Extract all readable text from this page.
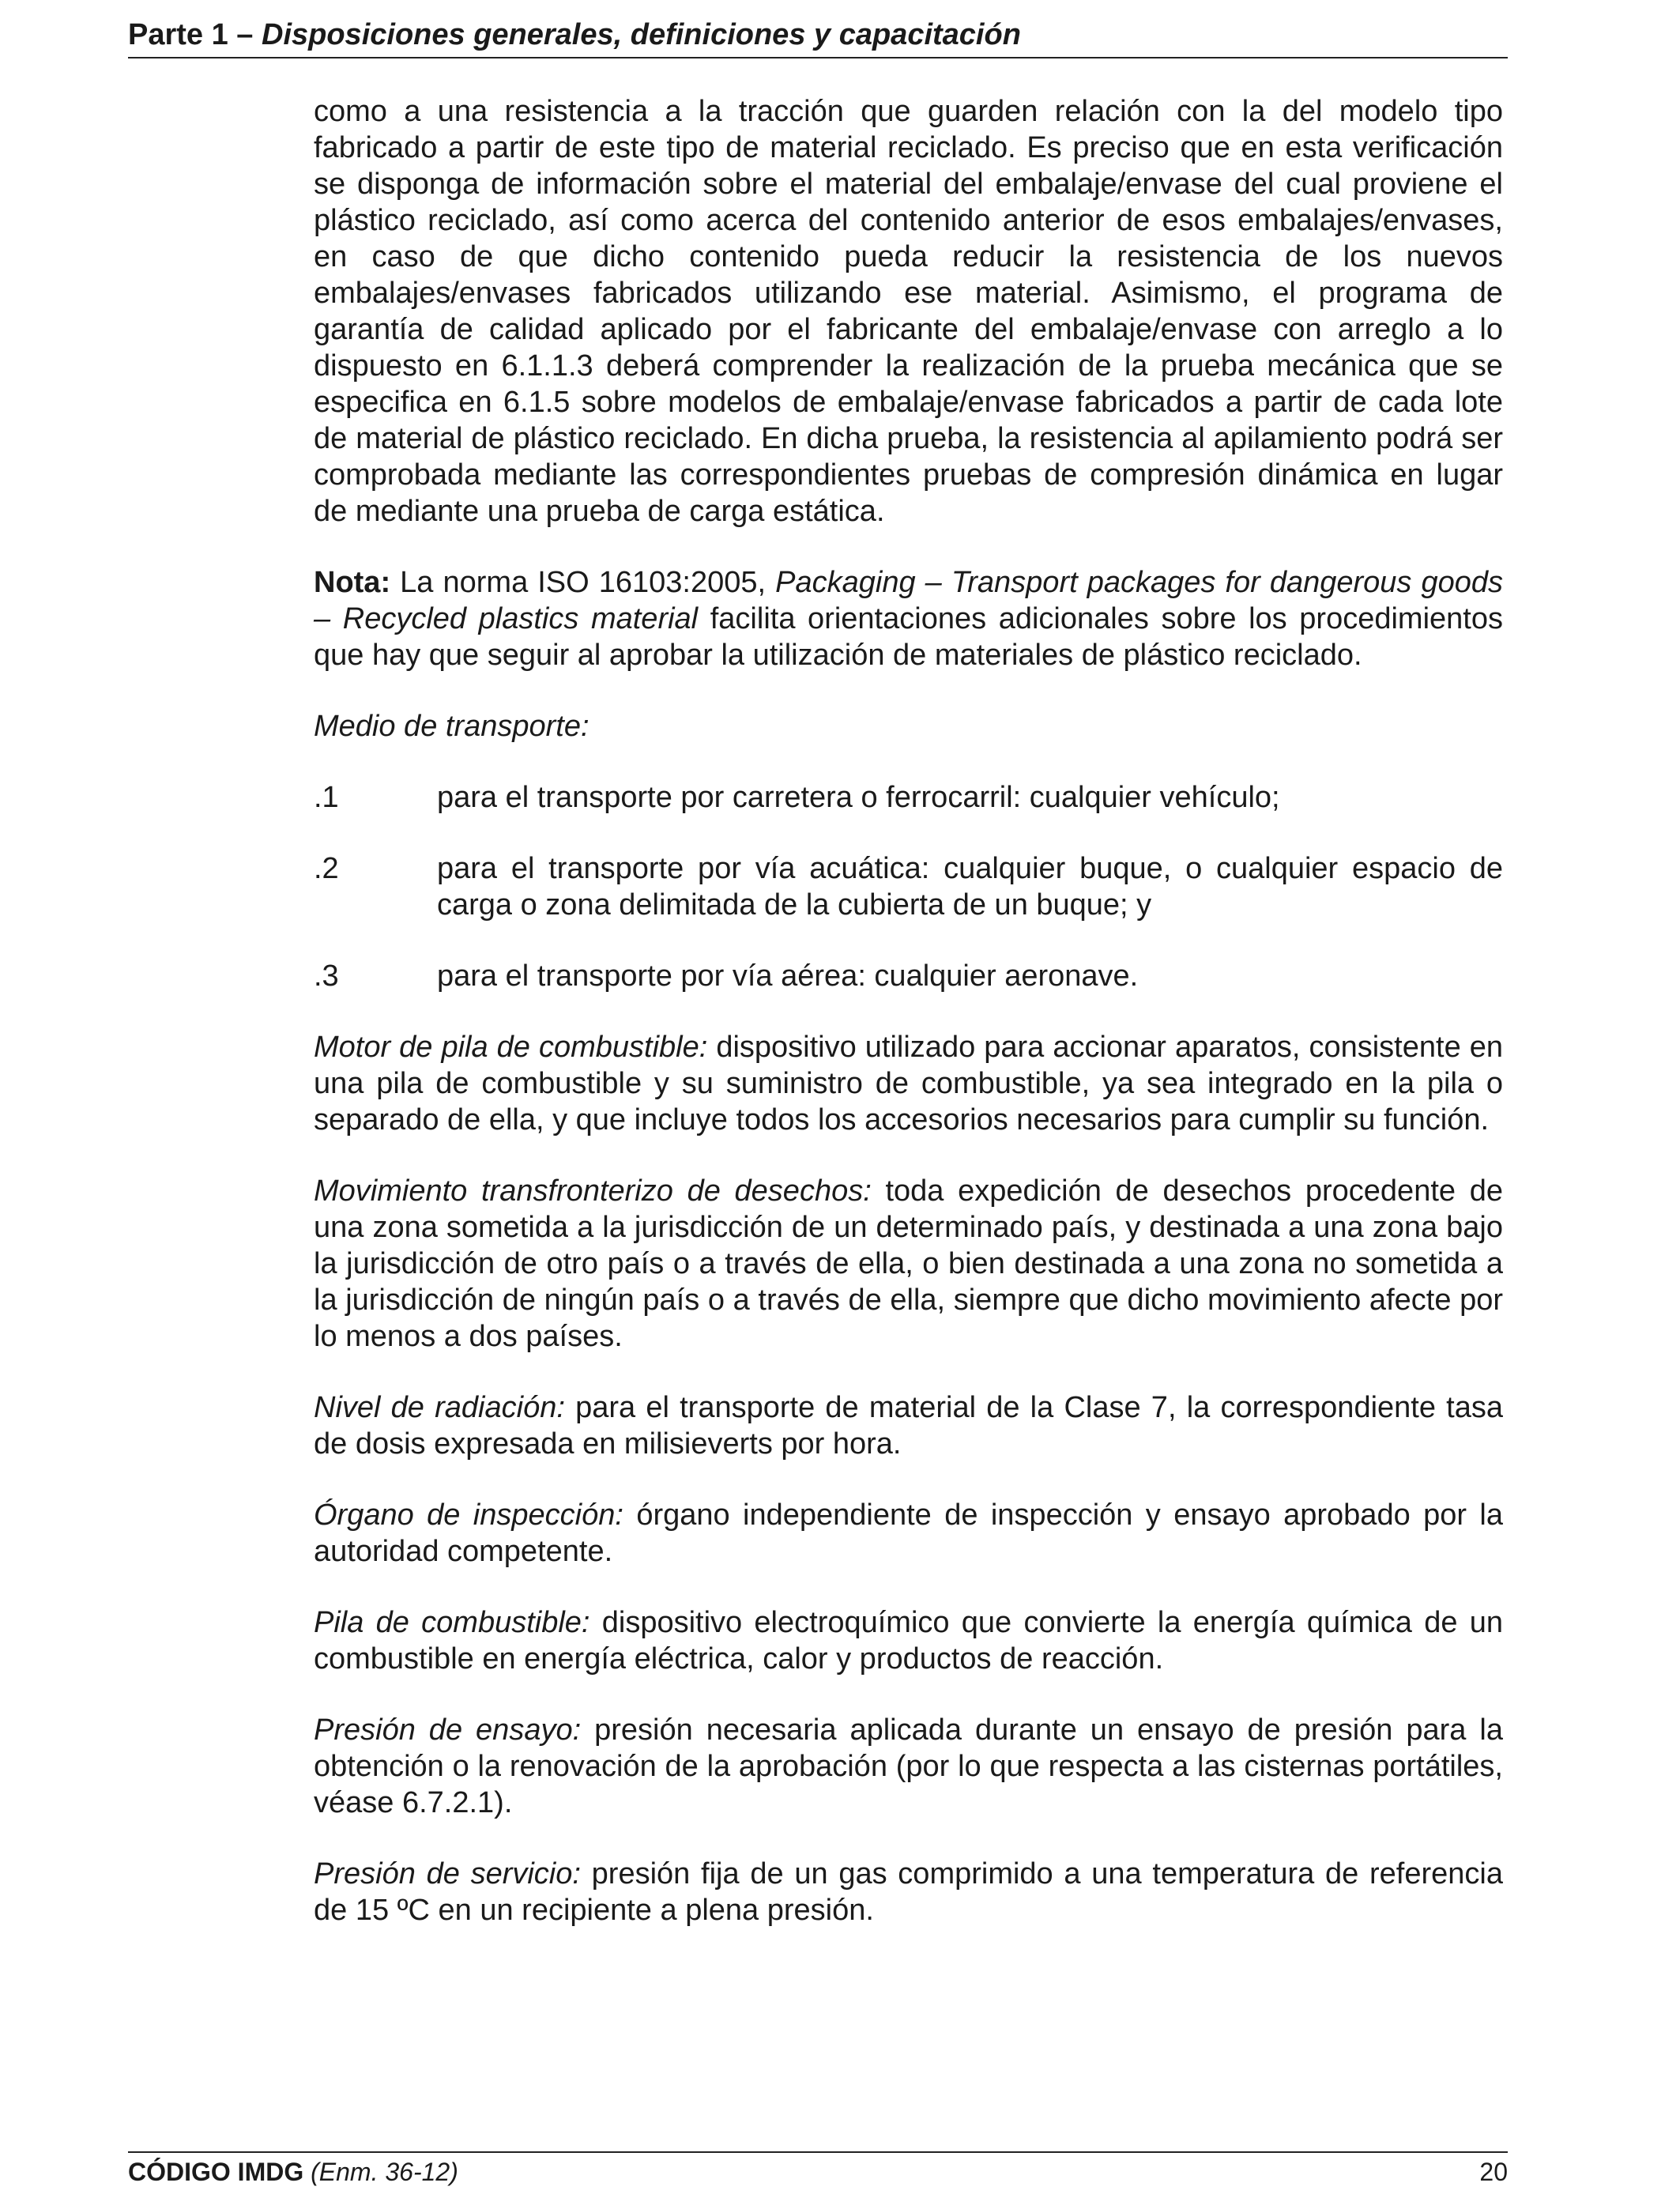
Parte 1 – Disposiciones generales, definiciones y capacitación

como a una resistencia a la tracción que guarden relación con la del modelo tipo fabricado a partir de este tipo de material reciclado. Es preciso que en esta verificación se disponga de información sobre el material del embalaje/envase del cual proviene el plástico reciclado, así como acerca del contenido anterior de esos embalajes/envases, en caso de que dicho contenido pueda reducir la resistencia de los nuevos embalajes/envases fabricados utilizando ese material. Asimismo, el programa de garantía de calidad aplicado por el fabricante del embalaje/envase con arreglo a lo dispuesto en 6.1.1.3 deberá comprender la realización de la prueba mecánica que se especifica en 6.1.5 sobre modelos de embalaje/envase fabricados a partir de cada lote de material de plástico reciclado. En dicha prueba, la resistencia al apilamiento podrá ser comprobada mediante las correspondientes pruebas de compresión dinámica en lugar de mediante una prueba de carga estática.

Nota: La norma ISO 16103:2005, Packaging – Transport packages for dangerous goods – Recycled plastics material facilita orientaciones adicionales sobre los procedimientos que hay que seguir al aprobar la utilización de materiales de plástico reciclado.

Medio de transporte:

.1	para el transporte por carretera o ferrocarril: cualquier vehículo;
.2	para el transporte por vía acuática: cualquier buque, o cualquier espacio de carga o zona delimitada de la cubierta de un buque; y
.3	para el transporte por vía aérea: cualquier aeronave.

Motor de pila de combustible: dispositivo utilizado para accionar aparatos, consistente en una pila de combustible y su suministro de combustible, ya sea integrado en la pila o separado de ella, y que incluye todos los accesorios necesarios para cumplir su función.

Movimiento transfronterizo de desechos: toda expedición de desechos procedente de una zona sometida a la jurisdicción de un determinado país, y destinada a una zona bajo la jurisdicción de otro país o a través de ella, o bien destinada a una zona no sometida a la jurisdicción de ningún país o a través de ella, siempre que dicho movimiento afecte por lo menos a dos países.

Nivel de radiación: para el transporte de material de la Clase 7, la correspondiente tasa de dosis expresada en milisieverts por hora.

Órgano de inspección: órgano independiente de inspección y ensayo aprobado por la autoridad competente.

Pila de combustible: dispositivo electroquímico que convierte la energía química de un combustible en energía eléctrica, calor y productos de reacción.

Presión de ensayo: presión necesaria aplicada durante un ensayo de presión para la obtención o la renovación de la aprobación (por lo que respecta a las cisternas portátiles, véase 6.7.2.1).

Presión de servicio: presión fija de un gas comprimido a una temperatura de referencia de 15 ºC en un recipiente a plena presión.

CÓDIGO IMDG (Enm. 36-12)	20
